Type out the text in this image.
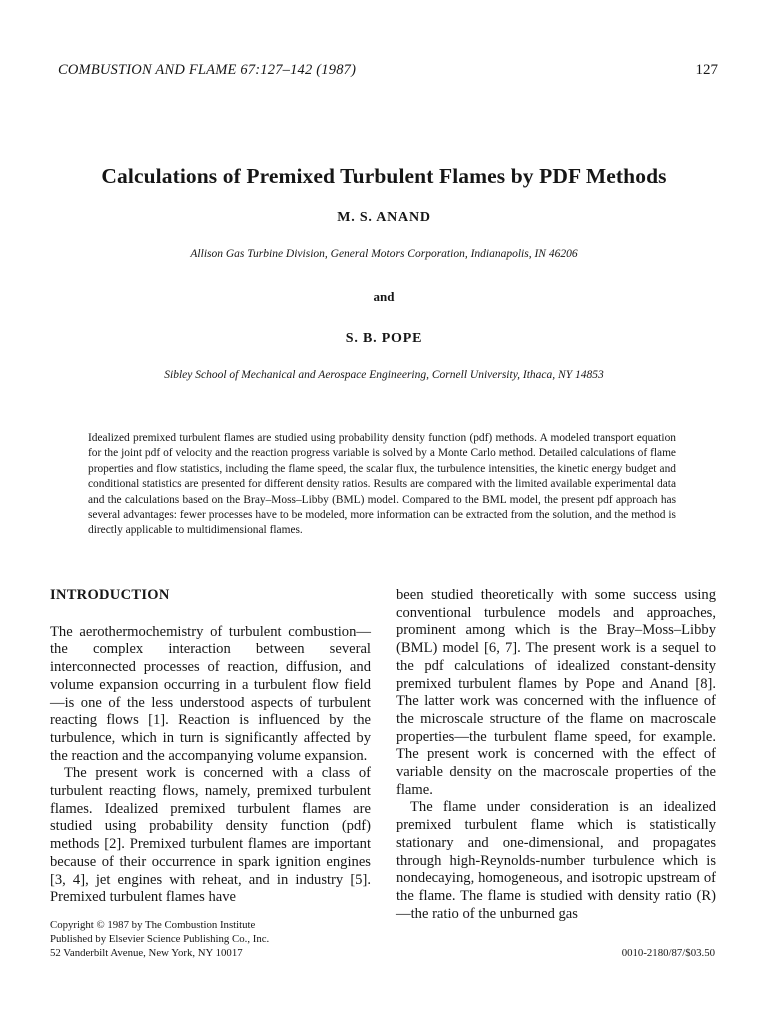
COMBUSTION AND FLAME 67:127–142 (1987)	127
Calculations of Premixed Turbulent Flames by PDF Methods
M. S. ANAND
Allison Gas Turbine Division, General Motors Corporation, Indianapolis, IN 46206
and
S. B. POPE
Sibley School of Mechanical and Aerospace Engineering, Cornell University, Ithaca, NY 14853
Idealized premixed turbulent flames are studied using probability density function (pdf) methods. A modeled transport equation for the joint pdf of velocity and the reaction progress variable is solved by a Monte Carlo method. Detailed calculations of flame properties and flow statistics, including the flame speed, the scalar flux, the turbulence intensities, the kinetic energy budget and conditional statistics are presented for different density ratios. Results are compared with the limited available experimental data and the calculations based on the Bray–Moss–Libby (BML) model. Compared to the BML model, the present pdf approach has several advantages: fewer processes have to be modeled, more information can be extracted from the solution, and the method is directly applicable to multidimensional flames.
INTRODUCTION

The aerothermochemistry of turbulent combustion—the complex interaction between several interconnected processes of reaction, diffusion, and volume expansion occurring in a turbulent flow field—is one of the less understood aspects of turbulent reacting flows [1]. Reaction is influenced by the turbulence, which in turn is significantly affected by the reaction and the accompanying volume expansion.

The present work is concerned with a class of turbulent reacting flows, namely, premixed turbulent flames. Idealized premixed turbulent flames are studied using probability density function (pdf) methods [2]. Premixed turbulent flames are important because of their occurrence in spark ignition engines [3, 4], jet engines with reheat, and in industry [5]. Premixed turbulent flames have

been studied theoretically with some success using conventional turbulence models and approaches, prominent among which is the Bray–Moss–Libby (BML) model [6, 7]. The present work is a sequel to the pdf calculations of idealized constant-density premixed turbulent flames by Pope and Anand [8]. The latter work was concerned with the influence of the microscale structure of the flame on macroscale properties—the turbulent flame speed, for example. The present work is concerned with the effect of variable density on the macroscale properties of the flame.

The flame under consideration is an idealized premixed turbulent flame which is statistically stationary and one-dimensional, and propagates through high-Reynolds-number turbulence which is nondecaying, homogeneous, and isotropic upstream of the flame. The flame is studied with density ratio (R)—the ratio of the unburned gas

Copyright © 1987 by The Combustion Institute
Published by Elsevier Science Publishing Co., Inc.
52 Vanderbilt Avenue, New York, NY 10017	0010-2180/87/$03.50
